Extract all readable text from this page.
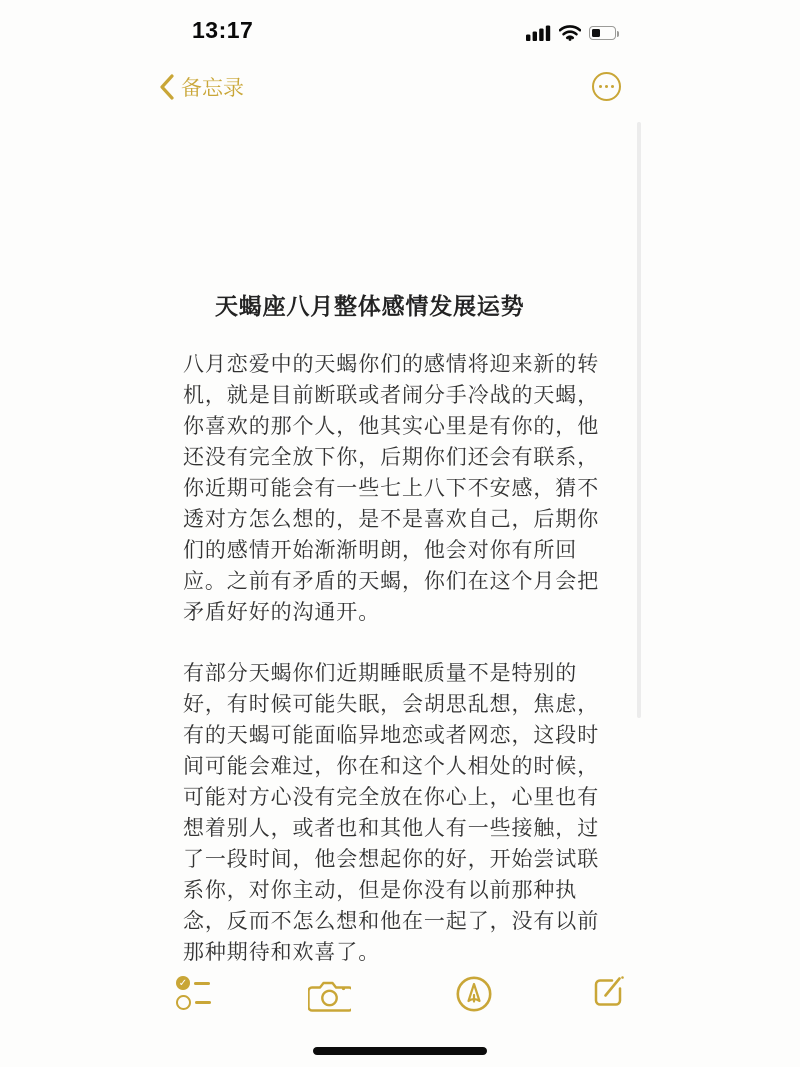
13:17
备忘录
天蝎座八月整体感情发展运势
八月恋爱中的天蝎你们的感情将迎来新的转
机，就是目前断联或者闹分手冷战的天蝎，
你喜欢的那个人，他其实心里是有你的，他
还没有完全放下你，后期你们还会有联系，
你近期可能会有一些七上八下不安感，猜不
透对方怎么想的，是不是喜欢自己，后期你
们的感情开始渐渐明朗，他会对你有所回
应。之前有矛盾的天蝎，你们在这个月会把
矛盾好好的沟通开。
有部分天蝎你们近期睡眠质量不是特别的
好，有时候可能失眠，会胡思乱想，焦虑，
有的天蝎可能面临异地恋或者网恋，这段时
间可能会难过，你在和这个人相处的时候，
可能对方心没有完全放在你心上，心里也有
想着别人，或者也和其他人有一些接触，过
了一段时间，他会想起你的好，开始尝试联
系你，对你主动，但是你没有以前那种执
念，反而不怎么想和他在一起了，没有以前
那种期待和欢喜了。
✓
